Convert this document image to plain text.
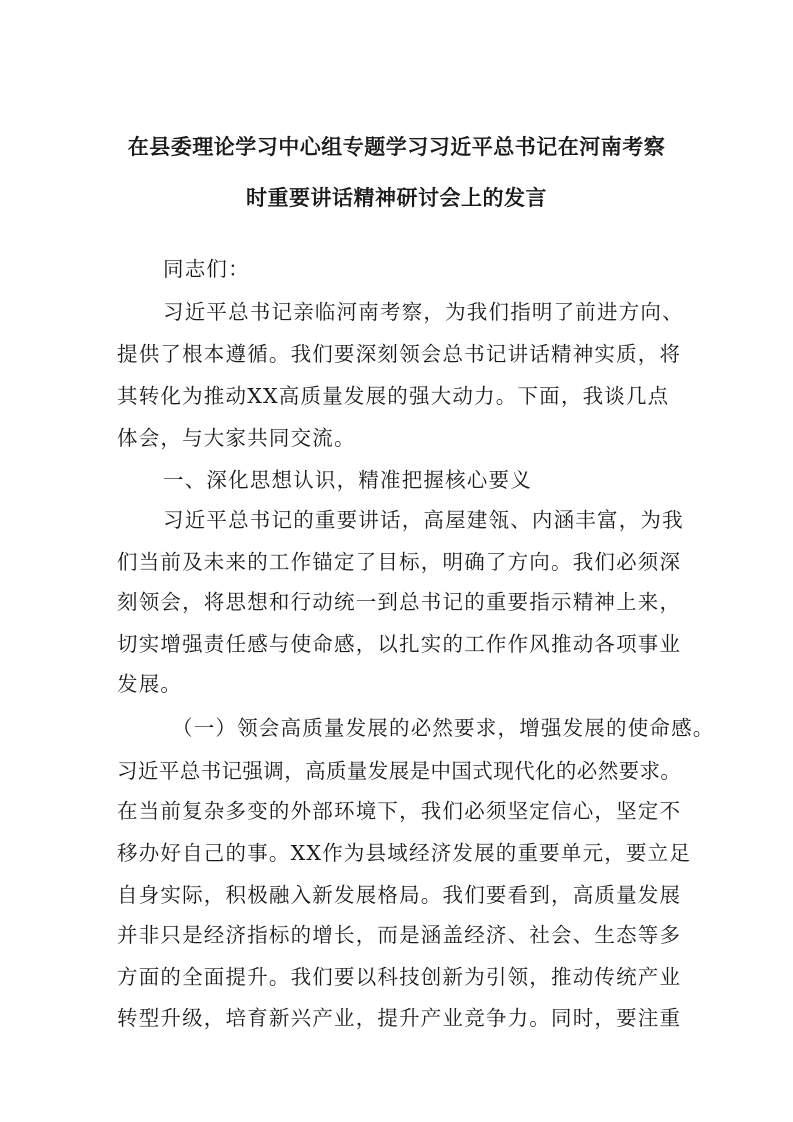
在县委理论学习中心组专题学习习近平总书记在河南考察
时重要讲话精神研讨会上的发言
同志们：
习近平总书记亲临河南考察，为我们指明了前进方向、
提供了根本遵循。我们要深刻领会总书记讲话精神实质，将
其转化为推动XX高质量发展的强大动力。下面，我谈几点
体会，与大家共同交流。
一、深化思想认识，精准把握核心要义
习近平总书记的重要讲话，高屋建瓴、内涵丰富，为我
们当前及未来的工作锚定了目标，明确了方向。我们必须深
刻领会，将思想和行动统一到总书记的重要指示精神上来，
切实增强责任感与使命感，以扎实的工作作风推动各项事业
发展。
（一）领会高质量发展的必然要求，增强发展的使命感。
习近平总书记强调，高质量发展是中国式现代化的必然要求。
在当前复杂多变的外部环境下，我们必须坚定信心，坚定不
移办好自己的事。XX作为县域经济发展的重要单元，要立足
自身实际，积极融入新发展格局。我们要看到，高质量发展
并非只是经济指标的增长，而是涵盖经济、社会、生态等多
方面的全面提升。我们要以科技创新为引领，推动传统产业
转型升级，培育新兴产业，提升产业竞争力。同时，要注重
